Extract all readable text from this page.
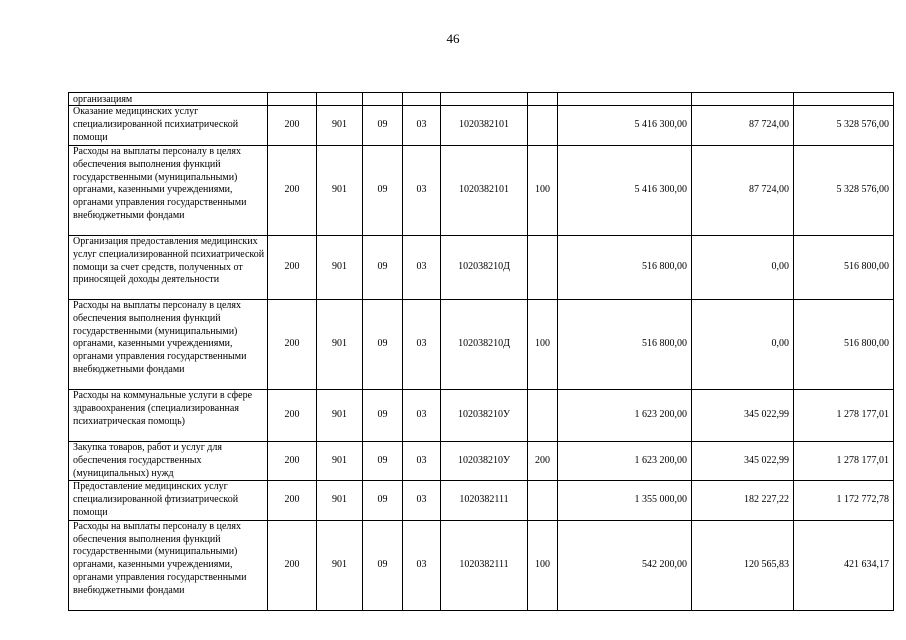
46
организациям									
Оказание медицинских услуг специализированной психиатрической помощи	200	901	09	03	1020382101		5 416 300,00	87 724,00	5 328 576,00
Расходы на выплаты персоналу в целях обеспечения выполнения функций государственными (муниципальными) органами, казенными учреждениями, органами управления государственными внебюджетными фондами	200	901	09	03	1020382101	100	5 416 300,00	87 724,00	5 328 576,00
Организация предоставления медицинских услуг специализированной психиатрической помощи за счет средств, полученных от приносящей доходы деятельности	200	901	09	03	102038210Д		516 800,00	0,00	516 800,00
Расходы на выплаты персоналу в целях обеспечения выполнения функций государственными (муниципальными) органами, казенными учреждениями, органами управления государственными внебюджетными фондами	200	901	09	03	102038210Д	100	516 800,00	0,00	516 800,00
Расходы на коммунальные услуги в сфере здравоохранения (специализированная психиатрическая помощь)	200	901	09	03	102038210У		1 623 200,00	345 022,99	1 278 177,01
Закупка товаров, работ и услуг для обеспечения государственных (муниципальных) нужд	200	901	09	03	102038210У	200	1 623 200,00	345 022,99	1 278 177,01
Предоставление медицинских услуг специализированной фтизиатрической помощи	200	901	09	03	1020382111		1 355 000,00	182 227,22	1 172 772,78
Расходы на выплаты персоналу в целях обеспечения выполнения функций государственными (муниципальными) органами, казенными учреждениями, органами управления государственными внебюджетными фондами	200	901	09	03	1020382111	100	542 200,00	120 565,83	421 634,17
